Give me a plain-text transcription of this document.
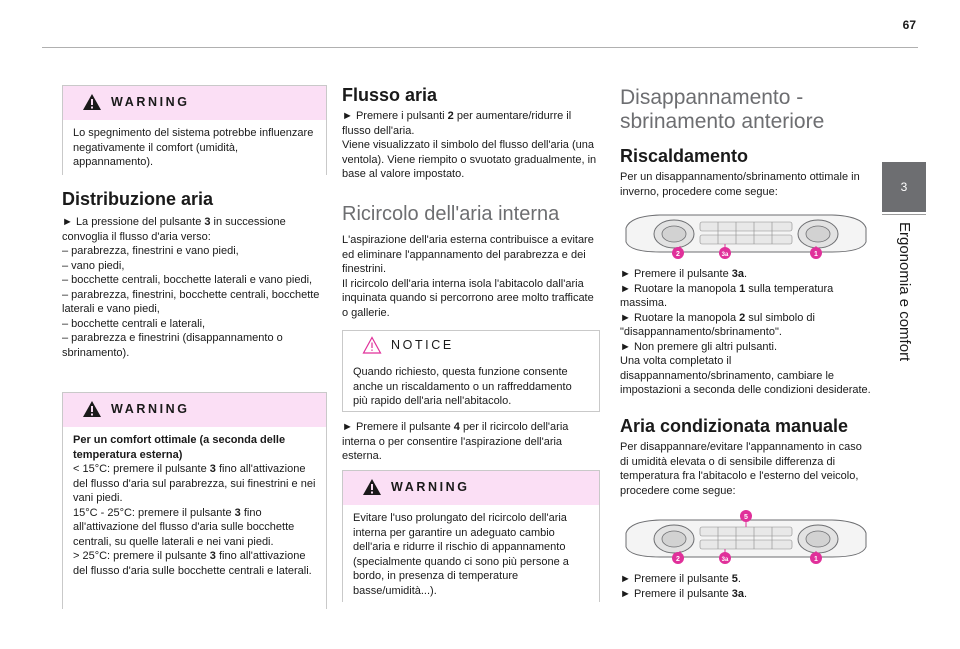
67
3
Ergonomia e comfort
WARNING
Lo spegnimento del sistema potrebbe influenzare negativamente il comfort (umidità, appannamento).
Distribuzione aria

► La pressione del pulsante 3 in successione convoglia il flusso d'aria verso:

– parabrezza, finestrini e vano piedi,

– vano piedi,

– bocchette centrali, bocchette laterali e vano piedi,

– parabrezza, finestrini, bocchette centrali, bocchette laterali e vano piedi,

– bocchette centrali e laterali,

– parabrezza e finestrini (disappannamento o sbrinamento).

WARNING

Per un comfort ottimale (a seconda delle temperatura esterna)

< 15°C: premere il pulsante 3 fino all'attivazione del flusso d'aria sul parabrezza, sui finestrini e nei vani piedi.

15°C - 25°C: premere il pulsante 3 fino all'attivazione del flusso d'aria sulle bocchette centrali, su quelle laterali e nei vani piedi.

> 25°C: premere il pulsante 3 fino all'attivazione del flusso d'aria sulle bocchette centrali e laterali.

Flusso aria

► Premere i pulsanti 2 per aumentare/ridurre il flusso dell'aria.

Viene visualizzato il simbolo del flusso dell'aria (una ventola). Viene riempito o svuotato gradualmente, in base al valore impostato.

Ricircolo dell'aria interna

L'aspirazione dell'aria esterna contribuisce a evitare ed eliminare l'appannamento del parabrezza e dei finestrini.

Il ricircolo dell'aria interna isola l'abitacolo dall'aria inquinata quando si percorrono aree molto trafficate o gallerie.

NOTICE

Quando richiesto, questa funzione consente anche un riscaldamento o un raffreddamento più rapido dell'aria nell'abitacolo.

► Premere il pulsante 4 per il ricircolo dell'aria interna o per consentire l'aspirazione dell'aria esterna.

WARNING

Evitare l'uso prolungato del ricircolo dell'aria interna per garantire un adeguato cambio dell'aria e ridurre il rischio di appannamento (specialmente quando ci sono più persone a bordo, in presenza di temperature basse/umidità...).

Disappannamento - sbrinamento anteriore
Riscaldamento
Per un disappannamento/sbrinamento ottimale in inverno, procedere come segue:
2	3a	1

► Premere il pulsante 3a.

► Ruotare la manopola 1 sulla temperatura massima.

► Ruotare la manopola 2 sul simbolo di "disappannamento/sbrinamento".

► Non premere gli altri pulsanti.

Una volta completato il disappannamento/sbrinamento, cambiare le impostazioni a seconda delle condizioni desiderate.

Aria condizionata manuale
Per disappannare/evitare l'appannamento in caso di umidità elevata o di sensibile differenza di temperatura fra l'abitacolo e l'esterno del veicolo, procedere come segue:
5
2	3a	1

► Premere il pulsante 5.

► Premere il pulsante 3a.
